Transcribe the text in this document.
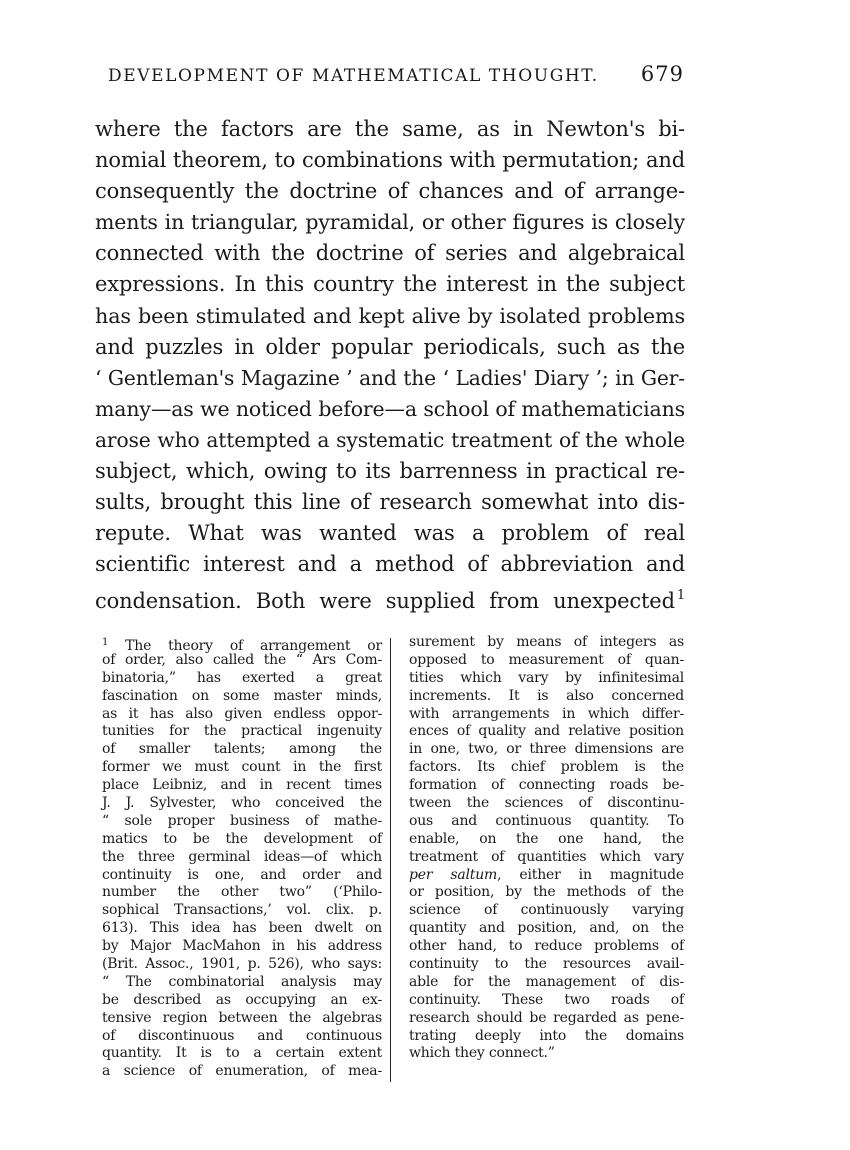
DEVELOPMENT OF MATHEMATICAL THOUGHT. 679
where the factors are the same, as in Newton's bi-
nomial theorem, to combinations with permutation; and
consequently the doctrine of chances and of arrange-
ments in triangular, pyramidal, or other figures is closely
connected with the doctrine of series and algebraical
expressions. In this country the interest in the subject
has been stimulated and kept alive by isolated problems
and puzzles in older popular periodicals, such as the
‘ Gentleman's Magazine ’ and the ‘ Ladies' Diary ’; in Ger-
many—as we noticed before—a school of mathematicians
arose who attempted a systematic treatment of the whole
subject, which, owing to its barrenness in practical re-
sults, brought this line of research somewhat into dis-
repute. What was wanted was a problem of real
scientific interest and a method of abbreviation and
condensation. Both were supplied from unexpected $^1$
$^1$ The theory of arrangement or
of order, also called the “ Ars Com-
binatoria,” has exerted a great
fascination on some master minds,
as it has also given endless oppor-
tunities for the practical ingenuity
of smaller talents; among the
former we must count in the first
place Leibniz, and in recent times
J. J. Sylvester, who conceived the
“ sole proper business of mathe-
matics to be the development of
the three germinal ideas—of which
continuity is one, and order and
number the other two” (‘Philo-
sophical Transactions,’ vol. clix. p.
613). This idea has been dwelt on
by Major MacMahon in his address
(Brit. Assoc., 1901, p. 526), who says:
“ The combinatorial analysis may
be described as occupying an ex-
tensive region between the algebras
of discontinuous and continuous
quantity. It is to a certain extent
a science of enumeration, of mea-
surement by means of integers as
opposed to measurement of quan-
tities which vary by infinitesimal
increments. It is also concerned
with arrangements in which differ-
ences of quality and relative position
in one, two, or three dimensions are
factors. Its chief problem is the
formation of connecting roads be-
tween the sciences of discontinu-
ous and continuous quantity. To
enable, on the one hand, the
treatment of quantities which vary
per saltum, either in magnitude
or position, by the methods of the
science of continuously varying
quantity and position, and, on the
other hand, to reduce problems of
continuity to the resources avail-
able for the management of dis-
continuity. These two roads of
research should be regarded as pene-
trating deeply into the domains
which they connect.”
